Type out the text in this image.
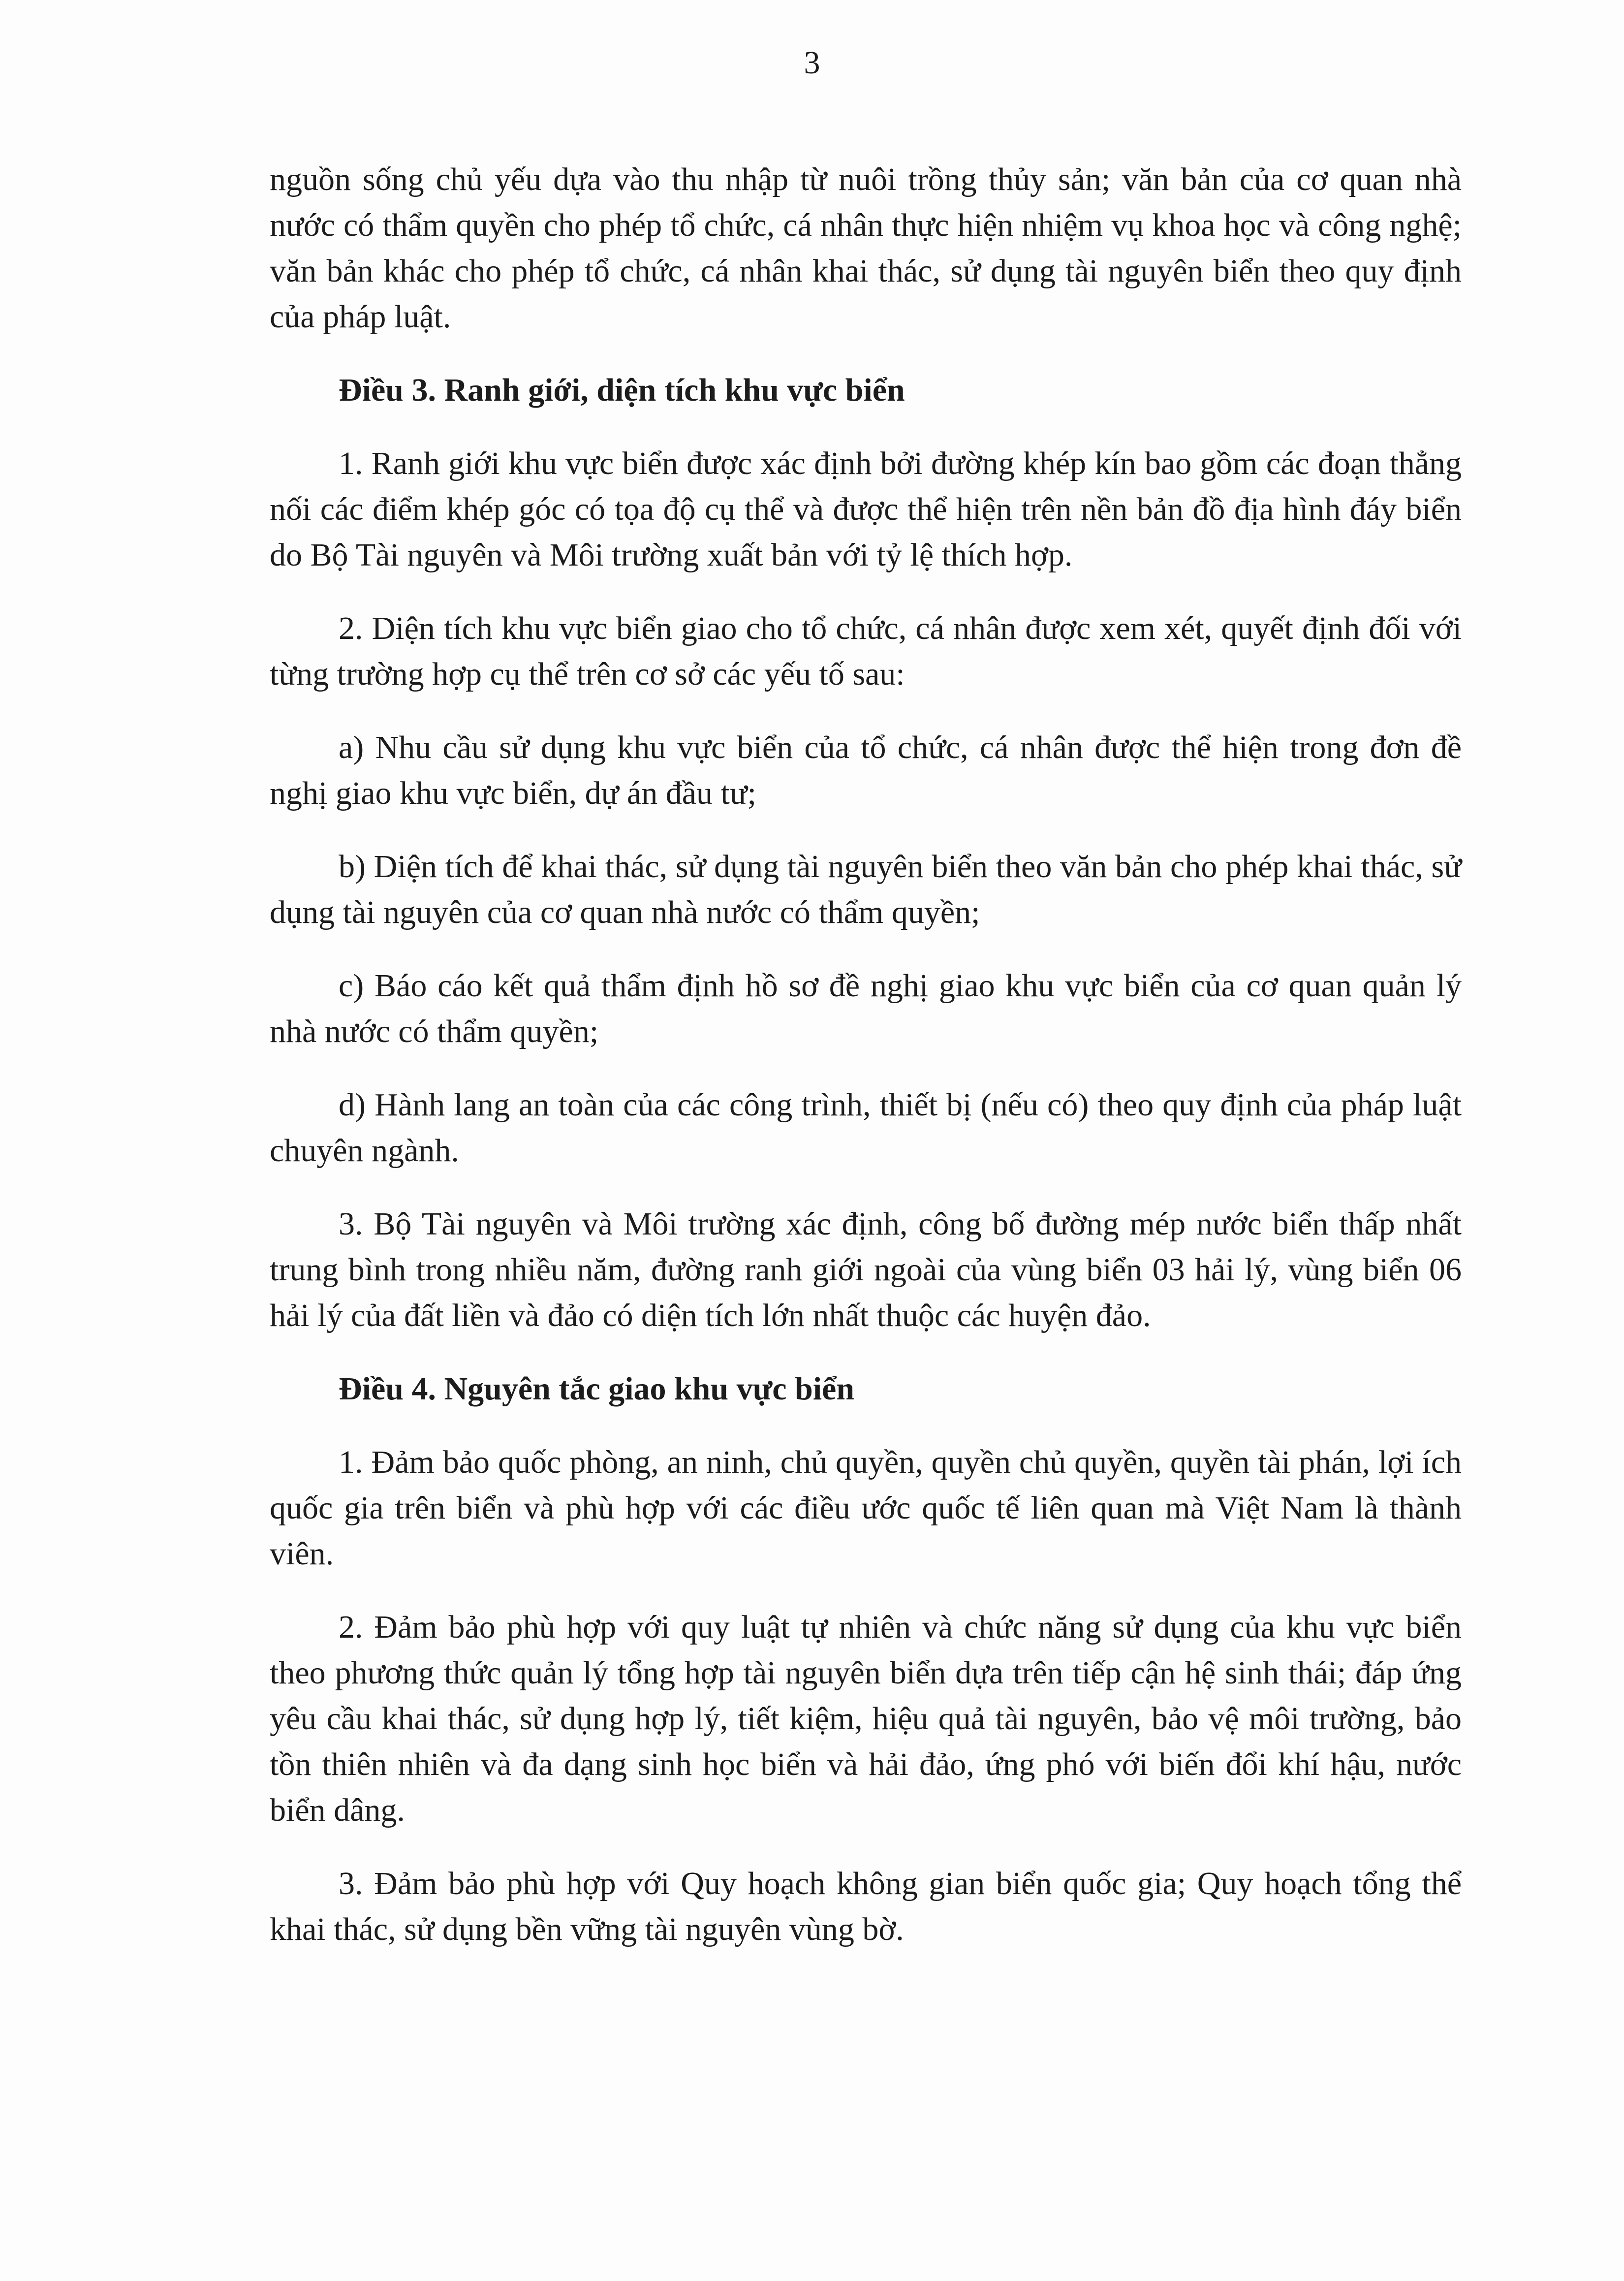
3

nguồn sống chủ yếu dựa vào thu nhập từ nuôi trồng thủy sản; văn bản của cơ quan nhà nước có thẩm quyền cho phép tổ chức, cá nhân thực hiện nhiệm vụ khoa học và công nghệ; văn bản khác cho phép tổ chức, cá nhân khai thác, sử dụng tài nguyên biển theo quy định của pháp luật.

Điều 3. Ranh giới, diện tích khu vực biển

1. Ranh giới khu vực biển được xác định bởi đường khép kín bao gồm các đoạn thẳng nối các điểm khép góc có tọa độ cụ thể và được thể hiện trên nền bản đồ địa hình đáy biển do Bộ Tài nguyên và Môi trường xuất bản với tỷ lệ thích hợp.

2. Diện tích khu vực biển giao cho tổ chức, cá nhân được xem xét, quyết định đối với từng trường hợp cụ thể trên cơ sở các yếu tố sau:

a) Nhu cầu sử dụng khu vực biển của tổ chức, cá nhân được thể hiện trong đơn đề nghị giao khu vực biển, dự án đầu tư;

b) Diện tích để khai thác, sử dụng tài nguyên biển theo văn bản cho phép khai thác, sử dụng tài nguyên của cơ quan nhà nước có thẩm quyền;

c) Báo cáo kết quả thẩm định hồ sơ đề nghị giao khu vực biển của cơ quan quản lý nhà nước có thẩm quyền;

d) Hành lang an toàn của các công trình, thiết bị (nếu có) theo quy định của pháp luật chuyên ngành.

3. Bộ Tài nguyên và Môi trường xác định, công bố đường mép nước biển thấp nhất trung bình trong nhiều năm, đường ranh giới ngoài của vùng biển 03 hải lý, vùng biển 06 hải lý của đất liền và đảo có diện tích lớn nhất thuộc các huyện đảo.

Điều 4. Nguyên tắc giao khu vực biển

1. Đảm bảo quốc phòng, an ninh, chủ quyền, quyền chủ quyền, quyền tài phán, lợi ích quốc gia trên biển và phù hợp với các điều ước quốc tế liên quan mà Việt Nam là thành viên.

2. Đảm bảo phù hợp với quy luật tự nhiên và chức năng sử dụng của khu vực biển theo phương thức quản lý tổng hợp tài nguyên biển dựa trên tiếp cận hệ sinh thái; đáp ứng yêu cầu khai thác, sử dụng hợp lý, tiết kiệm, hiệu quả tài nguyên, bảo vệ môi trường, bảo tồn thiên nhiên và đa dạng sinh học biển và hải đảo, ứng phó với biến đổi khí hậu, nước biển dâng.

3. Đảm bảo phù hợp với Quy hoạch không gian biển quốc gia; Quy hoạch tổng thể khai thác, sử dụng bền vững tài nguyên vùng bờ.
